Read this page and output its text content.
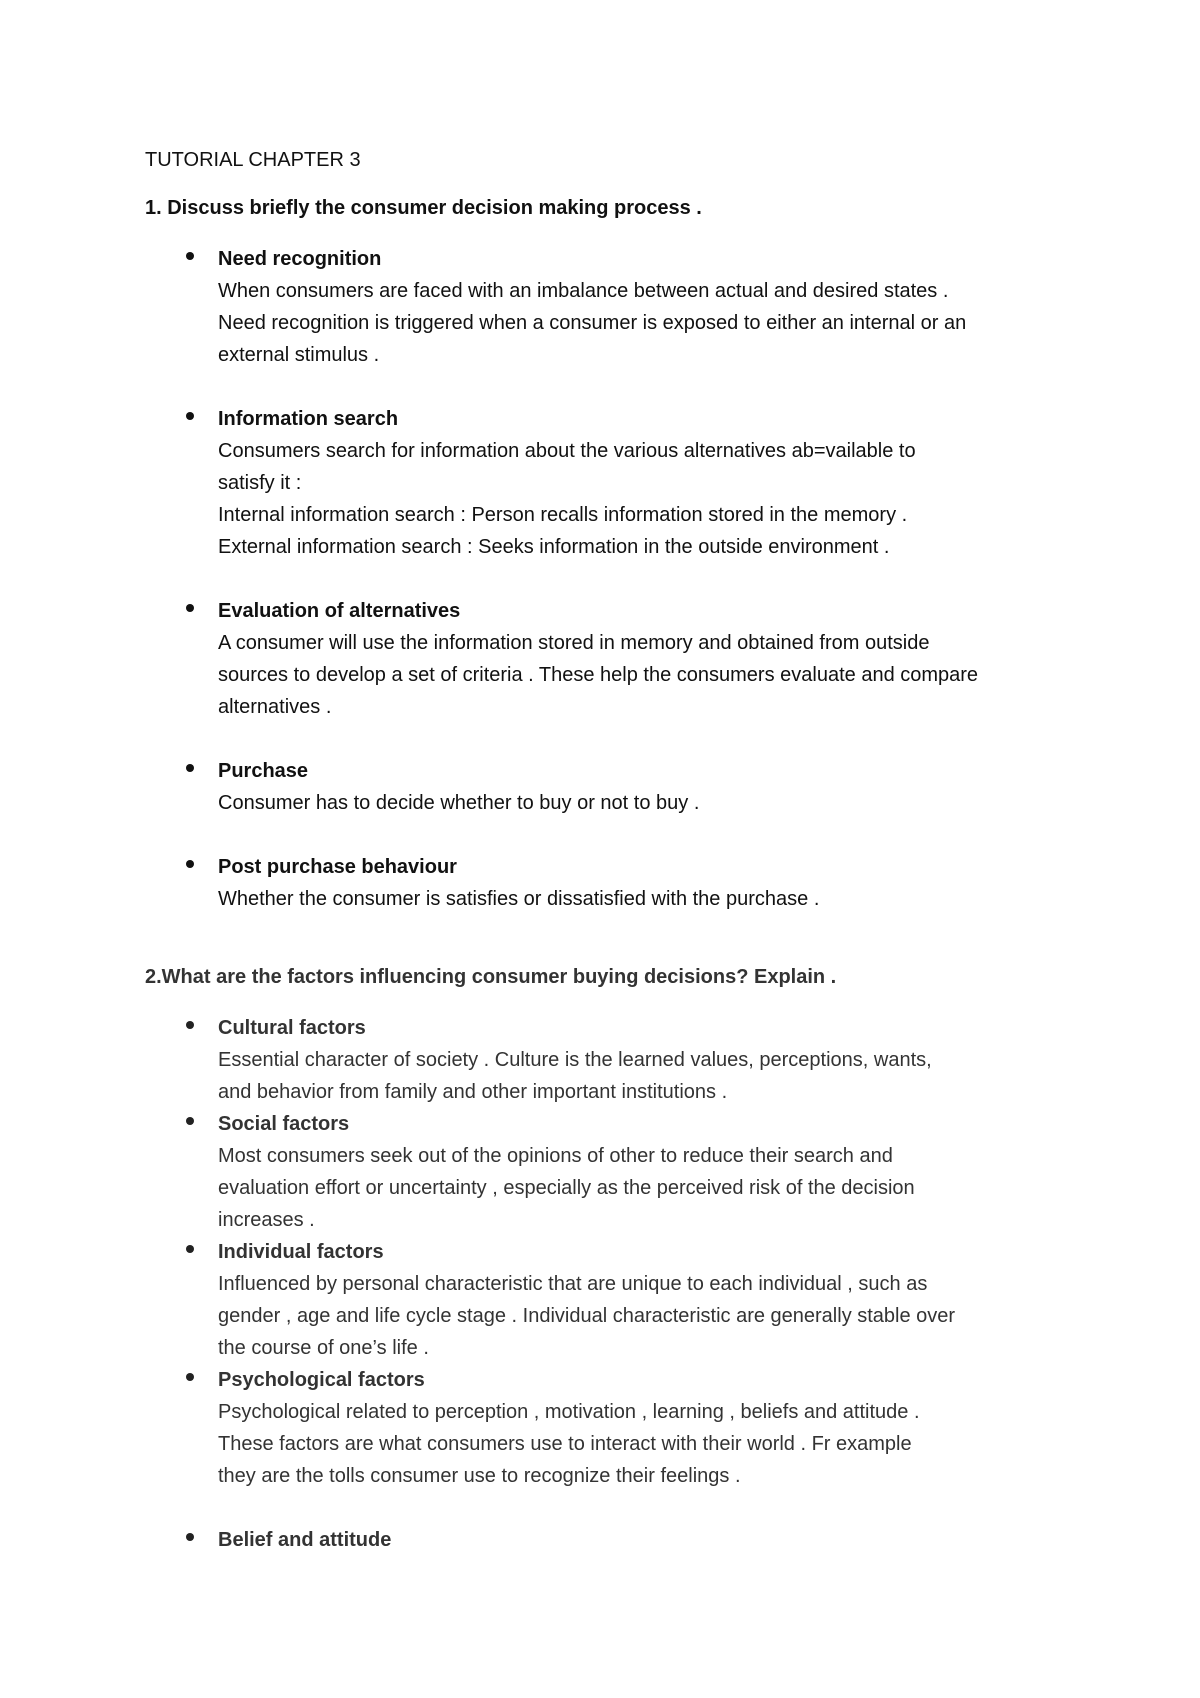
TUTORIAL CHAPTER 3
1. Discuss briefly the consumer decision making process .
Need recognition
When consumers are faced with an imbalance between actual and desired states .
Need recognition is triggered when a consumer is exposed to either an internal or an
external stimulus .
Information search
Consumers search for information about the various alternatives ab=vailable to
satisfy it :
Internal information search : Person recalls information stored in the memory .
External information search : Seeks information in the outside environment .
Evaluation of alternatives
A consumer will use the information stored in memory and obtained from outside
sources to develop a set of criteria . These help the consumers evaluate and compare
alternatives .
Purchase
Consumer has to decide whether to buy or not to buy .
Post purchase behaviour
Whether the consumer is satisfies or dissatisfied with the purchase .
2.What are the factors influencing consumer buying decisions? Explain .
Cultural factors
Essential character of society . Culture is the learned values, perceptions, wants,
and behavior from family and other important institutions .
Social factors
Most consumers seek out of the opinions of other to reduce their search and
evaluation effort or uncertainty , especially as the perceived risk of the decision
increases .
Individual factors
Influenced by personal characteristic that are unique to each individual , such as
gender , age and life cycle stage . Individual characteristic are generally stable over
the course of one’s life .
Psychological factors
Psychological related to perception , motivation , learning , beliefs and attitude .
These factors are what consumers use to interact with their world . Fr example
they are the tolls consumer use to recognize their feelings .
Belief and attitude
